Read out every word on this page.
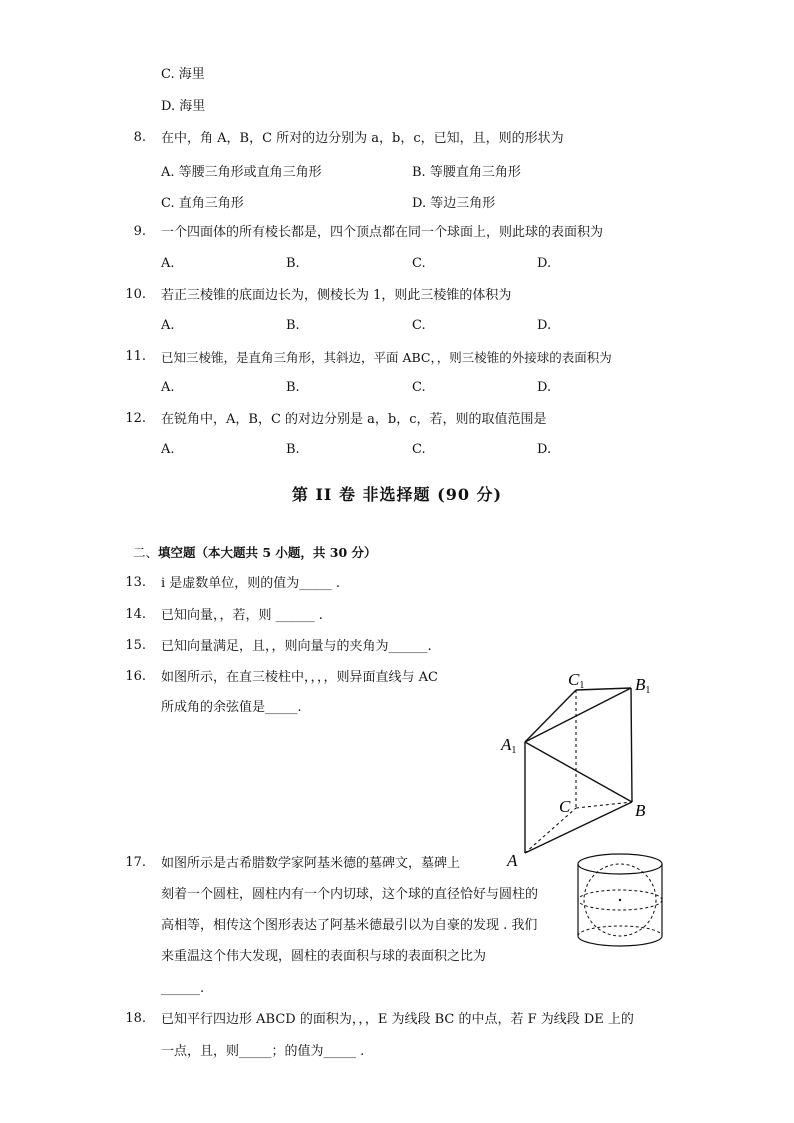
C. 海里
D. 海里
8. 在中，角 A，B，C 所对的边分别为 a，b，c，已知，且，则的形状为
A. 等腰三角形或直角三角形	B. 等腰直角三角形
C. 直角三角形	D. 等边三角形
9. 一个四面体的所有棱长都是，四个顶点都在同一个球面上，则此球的表面积为
A.	B.	C.	D.
10. 若正三棱锥的底面边长为，侧棱长为 1，则此三棱锥的体积为
A.	B.	C.	D.
11. 已知三棱锥，是直角三角形，其斜边，平面 ABC，，则三棱锥的外接球的表面积为
A.	B.	C.	D.
12. 在锐角中，A，B，C 的对边分别是 a，b，c，若，则的取值范围是
A.	B.	C.	D.
第 II 卷 非选择题 (90 分)
二、填空题（本大题共 5 小题，共 30 分）
13. i 是虚数单位，则的值为_____ .
14. 已知向量，，若，则 ______ .
15. 已知向量满足，且，，则向量与的夹角为______.
16. 如图所示，在直三棱柱中，，，，则异面直线与 AC
所成角的余弦值是_____.
C1	B1
A1
C	B
A
17. 如图所示是古希腊数学家阿基米德的墓碑文，墓碑上
刻着一个圆柱，圆柱内有一个内切球，这个球的直径恰好与圆柱的
高相等，相传这个图形表达了阿基米德最引以为自豪的发现 . 我们
来重温这个伟大发现，圆柱的表面积与球的表面积之比为
______.
18. 已知平行四边形 ABCD 的面积为，，，E 为线段 BC 的中点，若 F 为线段 DE 上的
一点，且，则_____；的值为_____ .
